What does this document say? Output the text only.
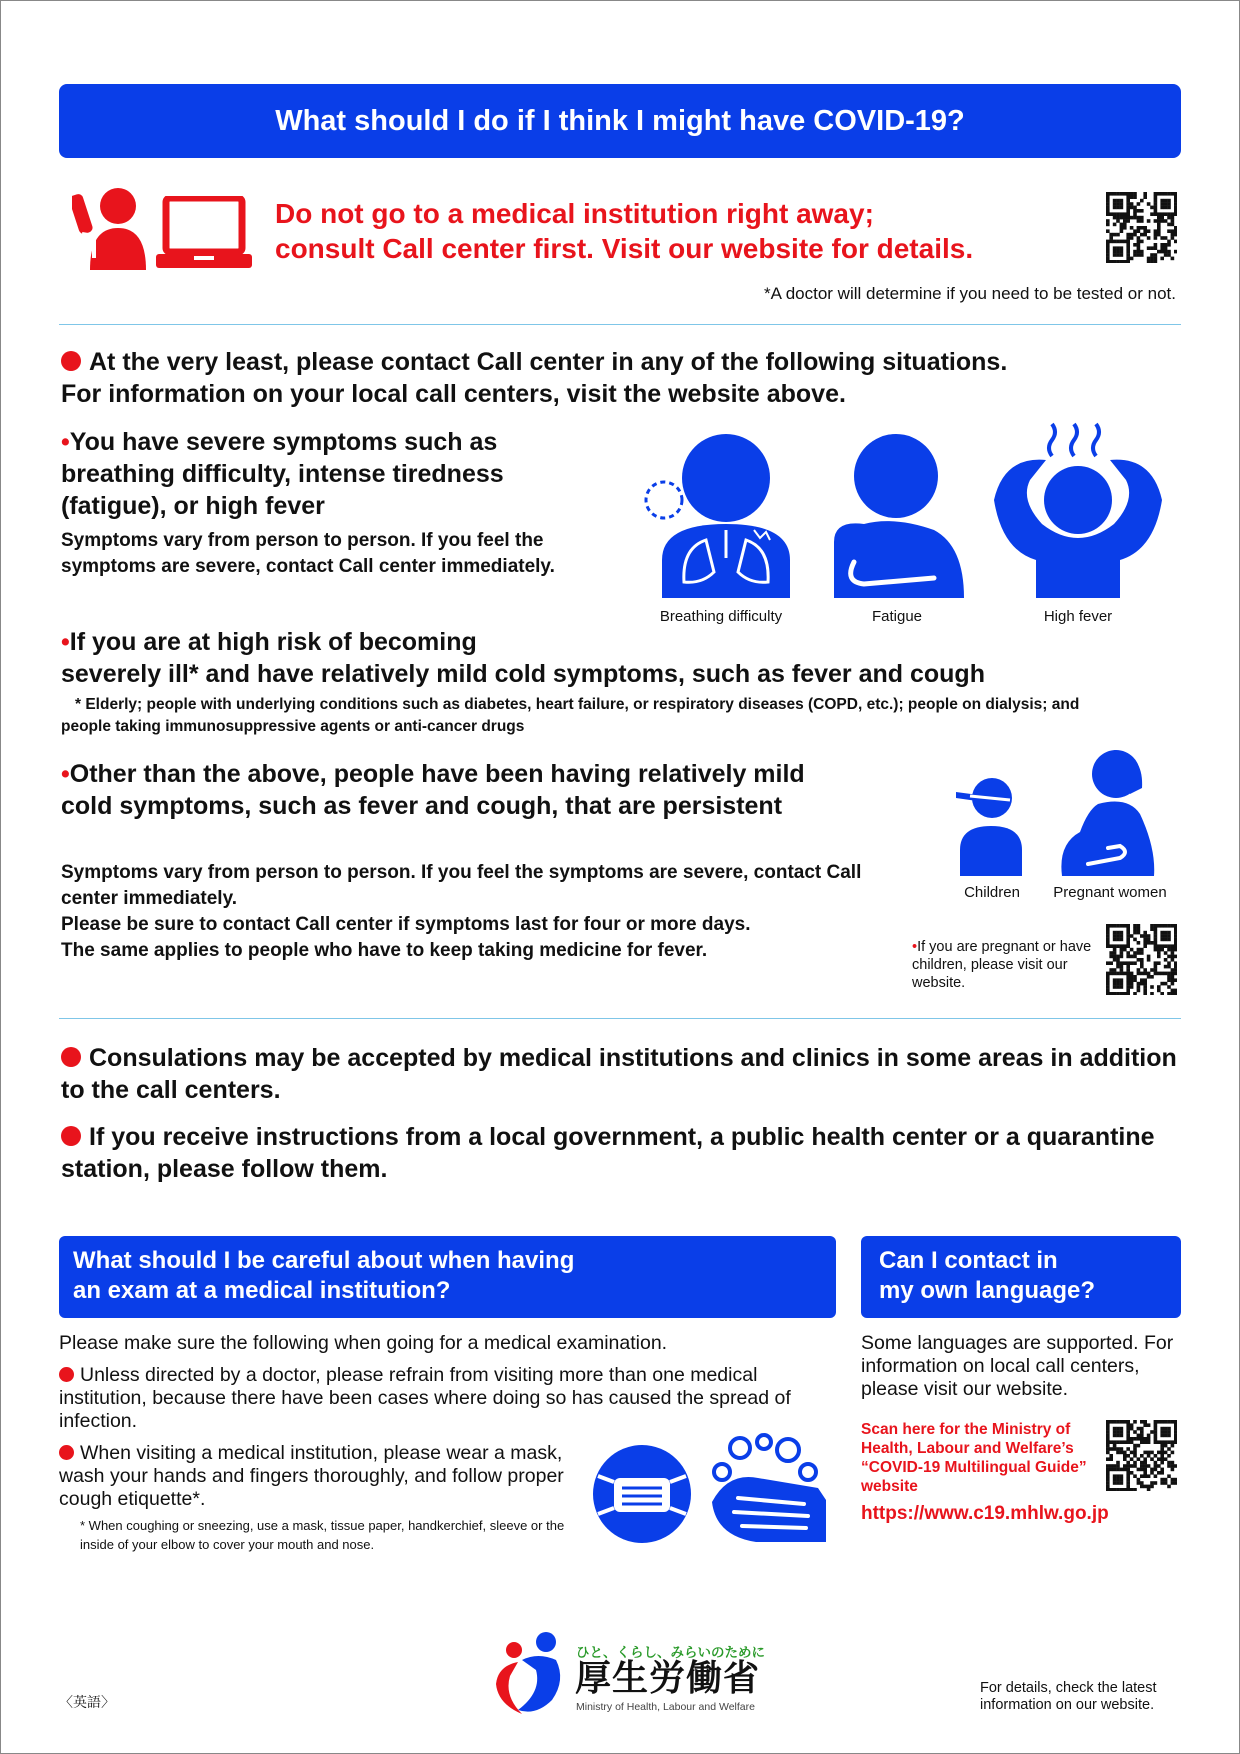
What should I do if I think I might have COVID-19?
Do not go to a medical institution right away;
consult Call center first. Visit our website for details.
*A doctor will determine if you need to be tested or not.
At the very least, please contact Call center in any of the following situations.
For information on your local call centers, visit the website above.
•You have severe symptoms such as breathing difficulty, intense tiredness (fatigue), or high fever
Symptoms vary from person to person. If you feel the symptoms are severe, contact Call center immediately.
Breathing difficulty	Fatigue	High fever
•If you are at high risk of becoming
severely ill* and have relatively mild cold symptoms, such as fever and cough
* Elderly; people with underlying conditions such as diabetes, heart failure, or respiratory diseases (COPD, etc.); people on dialysis; and people taking immunosuppressive agents or anti-cancer drugs
•Other than the above, people have been having relatively mild cold symptoms, such as fever and cough, that are persistent
Symptoms vary from person to person. If you feel the symptoms are severe, contact Call center immediately.
Please be sure to contact Call center if symptoms last for four or more days.
The same applies to people who have to keep taking medicine for fever.
Children	Pregnant women
•If you are pregnant or have children, please visit our website.
Consulations may be accepted by medical institutions and clinics in some areas in addition to the call centers.
If you receive instructions from a local government, a public health center or a quarantine station, please follow them.
What should I be careful about when having
an exam at a medical institution?
Please make sure the following when going for a medical examination.
Unless directed by a doctor, please refrain from visiting more than one medical institution, because there have been cases where doing so has caused the spread of infection.
When visiting a medical institution, please wear a mask, wash your hands and fingers thoroughly, and follow proper cough etiquette*.
* When coughing or sneezing, use a mask, tissue paper, handkerchief, sleeve or the inside of your elbow to cover your mouth and nose.
Can I contact in
my own language?
Some languages are supported. For information on local call centers, please visit our website.
Scan here for the Ministry of Health, Labour and Welfare’s “COVID-19 Multilingual Guide” website
https://www.c19.mhlw.go.jp
〈英語〉
ひと、くらし、みらいのために
厚生労働省
Ministry of Health, Labour and Welfare
For details, check the latest information on our website.
